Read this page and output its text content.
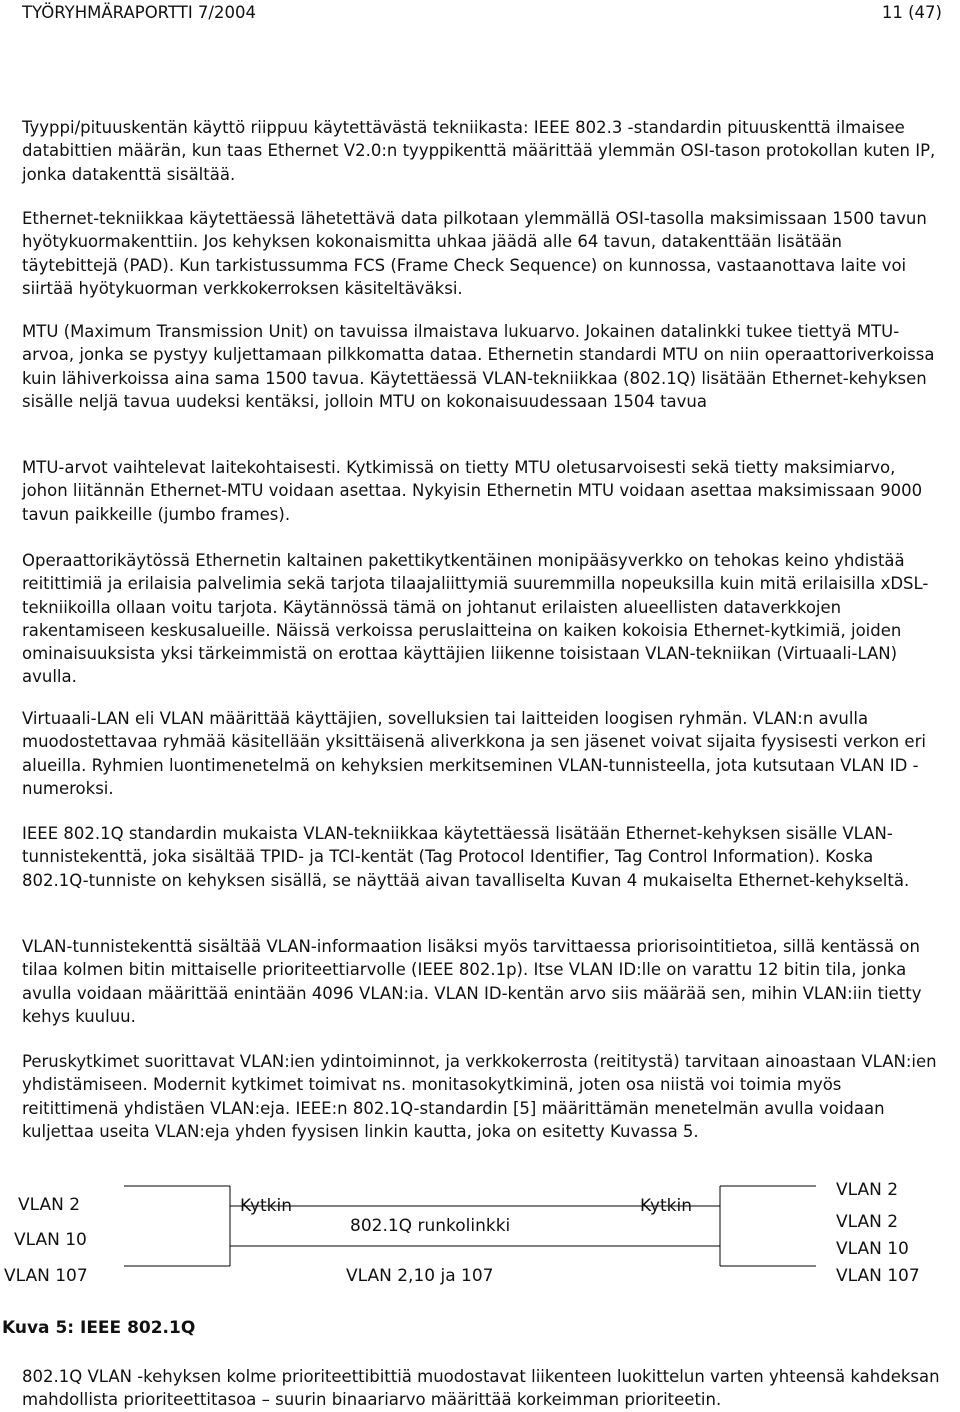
TYÖRYHMÄRAPORTTI 7/2004	11 (47)

Tyyppi/pituuskentän käyttö riippuu käytettävästä tekniikasta: IEEE 802.3 -standardin pituuskenttä ilmaisee databittien määrän, kun taas Ethernet V2.0:n tyyppikenttä määrittää ylemmän OSI-tason protokollan kuten IP, jonka datakenttä sisältää.

Ethernet-tekniikkaa käytettäessä lähetettävä data pilkotaan ylemmällä OSI-tasolla maksimissaan 1500 tavun hyötykuormakenttiin. Jos kehyksen kokonaismitta uhkaa jäädä alle 64 tavun, datakenttään lisätään täytebittejä (PAD). Kun tarkistussumma FCS (Frame Check Sequence) on kunnossa, vastaanottava laite voi siirtää hyötykuorman verkkokerroksen käsiteltäväksi.

MTU (Maximum Transmission Unit) on tavuissa ilmaistava lukuarvo. Jokainen datalinkki tukee tiettyä MTU-arvoa, jonka se pystyy kuljettamaan pilkkomatta dataa. Ethernetin standardi MTU on niin operaattoriverkoissa kuin lähiverkoissa aina sama 1500 tavua. Käytettäessä VLAN-tekniikkaa (802.1Q) lisätään Ethernet-kehyksen sisälle neljä tavua uudeksi kentäksi, jolloin MTU on kokonaisuudessaan 1504 tavua

MTU-arvot vaihtelevat laitekohtaisesti. Kytkimissä on tietty MTU oletusarvoisesti sekä tietty maksimiarvo, johon liitännän Ethernet-MTU voidaan asettaa. Nykyisin Ethernetin MTU voidaan asettaa maksimissaan 9000 tavun paikkeille (jumbo frames).

Operaattorikäytössä Ethernetin kaltainen pakettikytkentäinen monipääsyverkko on tehokas keino yhdistää reitittimiä ja erilaisia palvelimia sekä tarjota tilaajaliittymiä suuremmilla nopeuksilla kuin mitä erilaisilla xDSL-tekniikoilla ollaan voitu tarjota. Käytännössä tämä on johtanut erilaisten alueellisten dataverkkojen rakentamiseen keskusalueille. Näissä verkoissa peruslaitteina on kaiken kokoisia Ethernet-kytkimiä, joiden ominaisuuksista yksi tärkeimmistä on erottaa käyttäjien liikenne toisistaan VLAN-tekniikan (Virtuaali-LAN) avulla.

Virtuaali-LAN eli VLAN määrittää käyttäjien, sovelluksien tai laitteiden loogisen ryhmän. VLAN:n avulla muodostettavaa ryhmää käsitellään yksittäisenä aliverkkona ja sen jäsenet voivat sijaita fyysisesti verkon eri alueilla. Ryhmien luontimenetelmä on kehyksien merkitseminen VLAN-tunnisteella, jota kutsutaan VLAN ID -numeroksi.

IEEE 802.1Q standardin mukaista VLAN-tekniikkaa käytettäessä lisätään Ethernet-kehyksen sisälle VLAN-tunnistekenttä, joka sisältää TPID- ja TCI-kentät (Tag Protocol Identifier, Tag Control Information). Koska 802.1Q-tunniste on kehyksen sisällä, se näyttää aivan tavalliselta Kuvan 4 mukaiselta Ethernet-kehykseltä.

VLAN-tunnistekenttä sisältää VLAN-informaation lisäksi myös tarvittaessa priorisointitietoa, sillä kentässä on tilaa kolmen bitin mittaiselle prioriteettiarvolle (IEEE 802.1p). Itse VLAN ID:lle on varattu 12 bitin tila, jonka avulla voidaan määrittää enintään 4096 VLAN:ia. VLAN ID-kentän arvo siis määrää sen, mihin VLAN:iin tietty kehys kuuluu.

Peruskytkimet suorittavat VLAN:ien ydintoiminnot, ja verkkokerrosta (reititystä) tarvitaan ainoastaan VLAN:ien yhdistämiseen. Modernit kytkimet toimivat ns. monitasokytkiminä, joten osa niistä voi toimia myös reitittimenä yhdistäen VLAN:eja. IEEE:n 802.1Q-standardin [5] määrittämän menetelmän avulla voidaan kuljettaa useita VLAN:eja yhden fyysisen linkin kautta, joka on esitetty Kuvassa 5.

VLAN 2
VLAN 10
VLAN 107
Kytkin
802.1Q runkolinkki
VLAN 2,10 ja 107
Kytkin
VLAN 2
VLAN 2
VLAN 10
VLAN 107

Kuva 5: IEEE 802.1Q

802.1Q VLAN -kehyksen kolme prioriteettibittiä muodostavat liikenteen luokittelun varten yhteensä kahdeksan mahdollista prioriteettitasoa – suurin binaariarvo määrittää korkeimman prioriteetin.
